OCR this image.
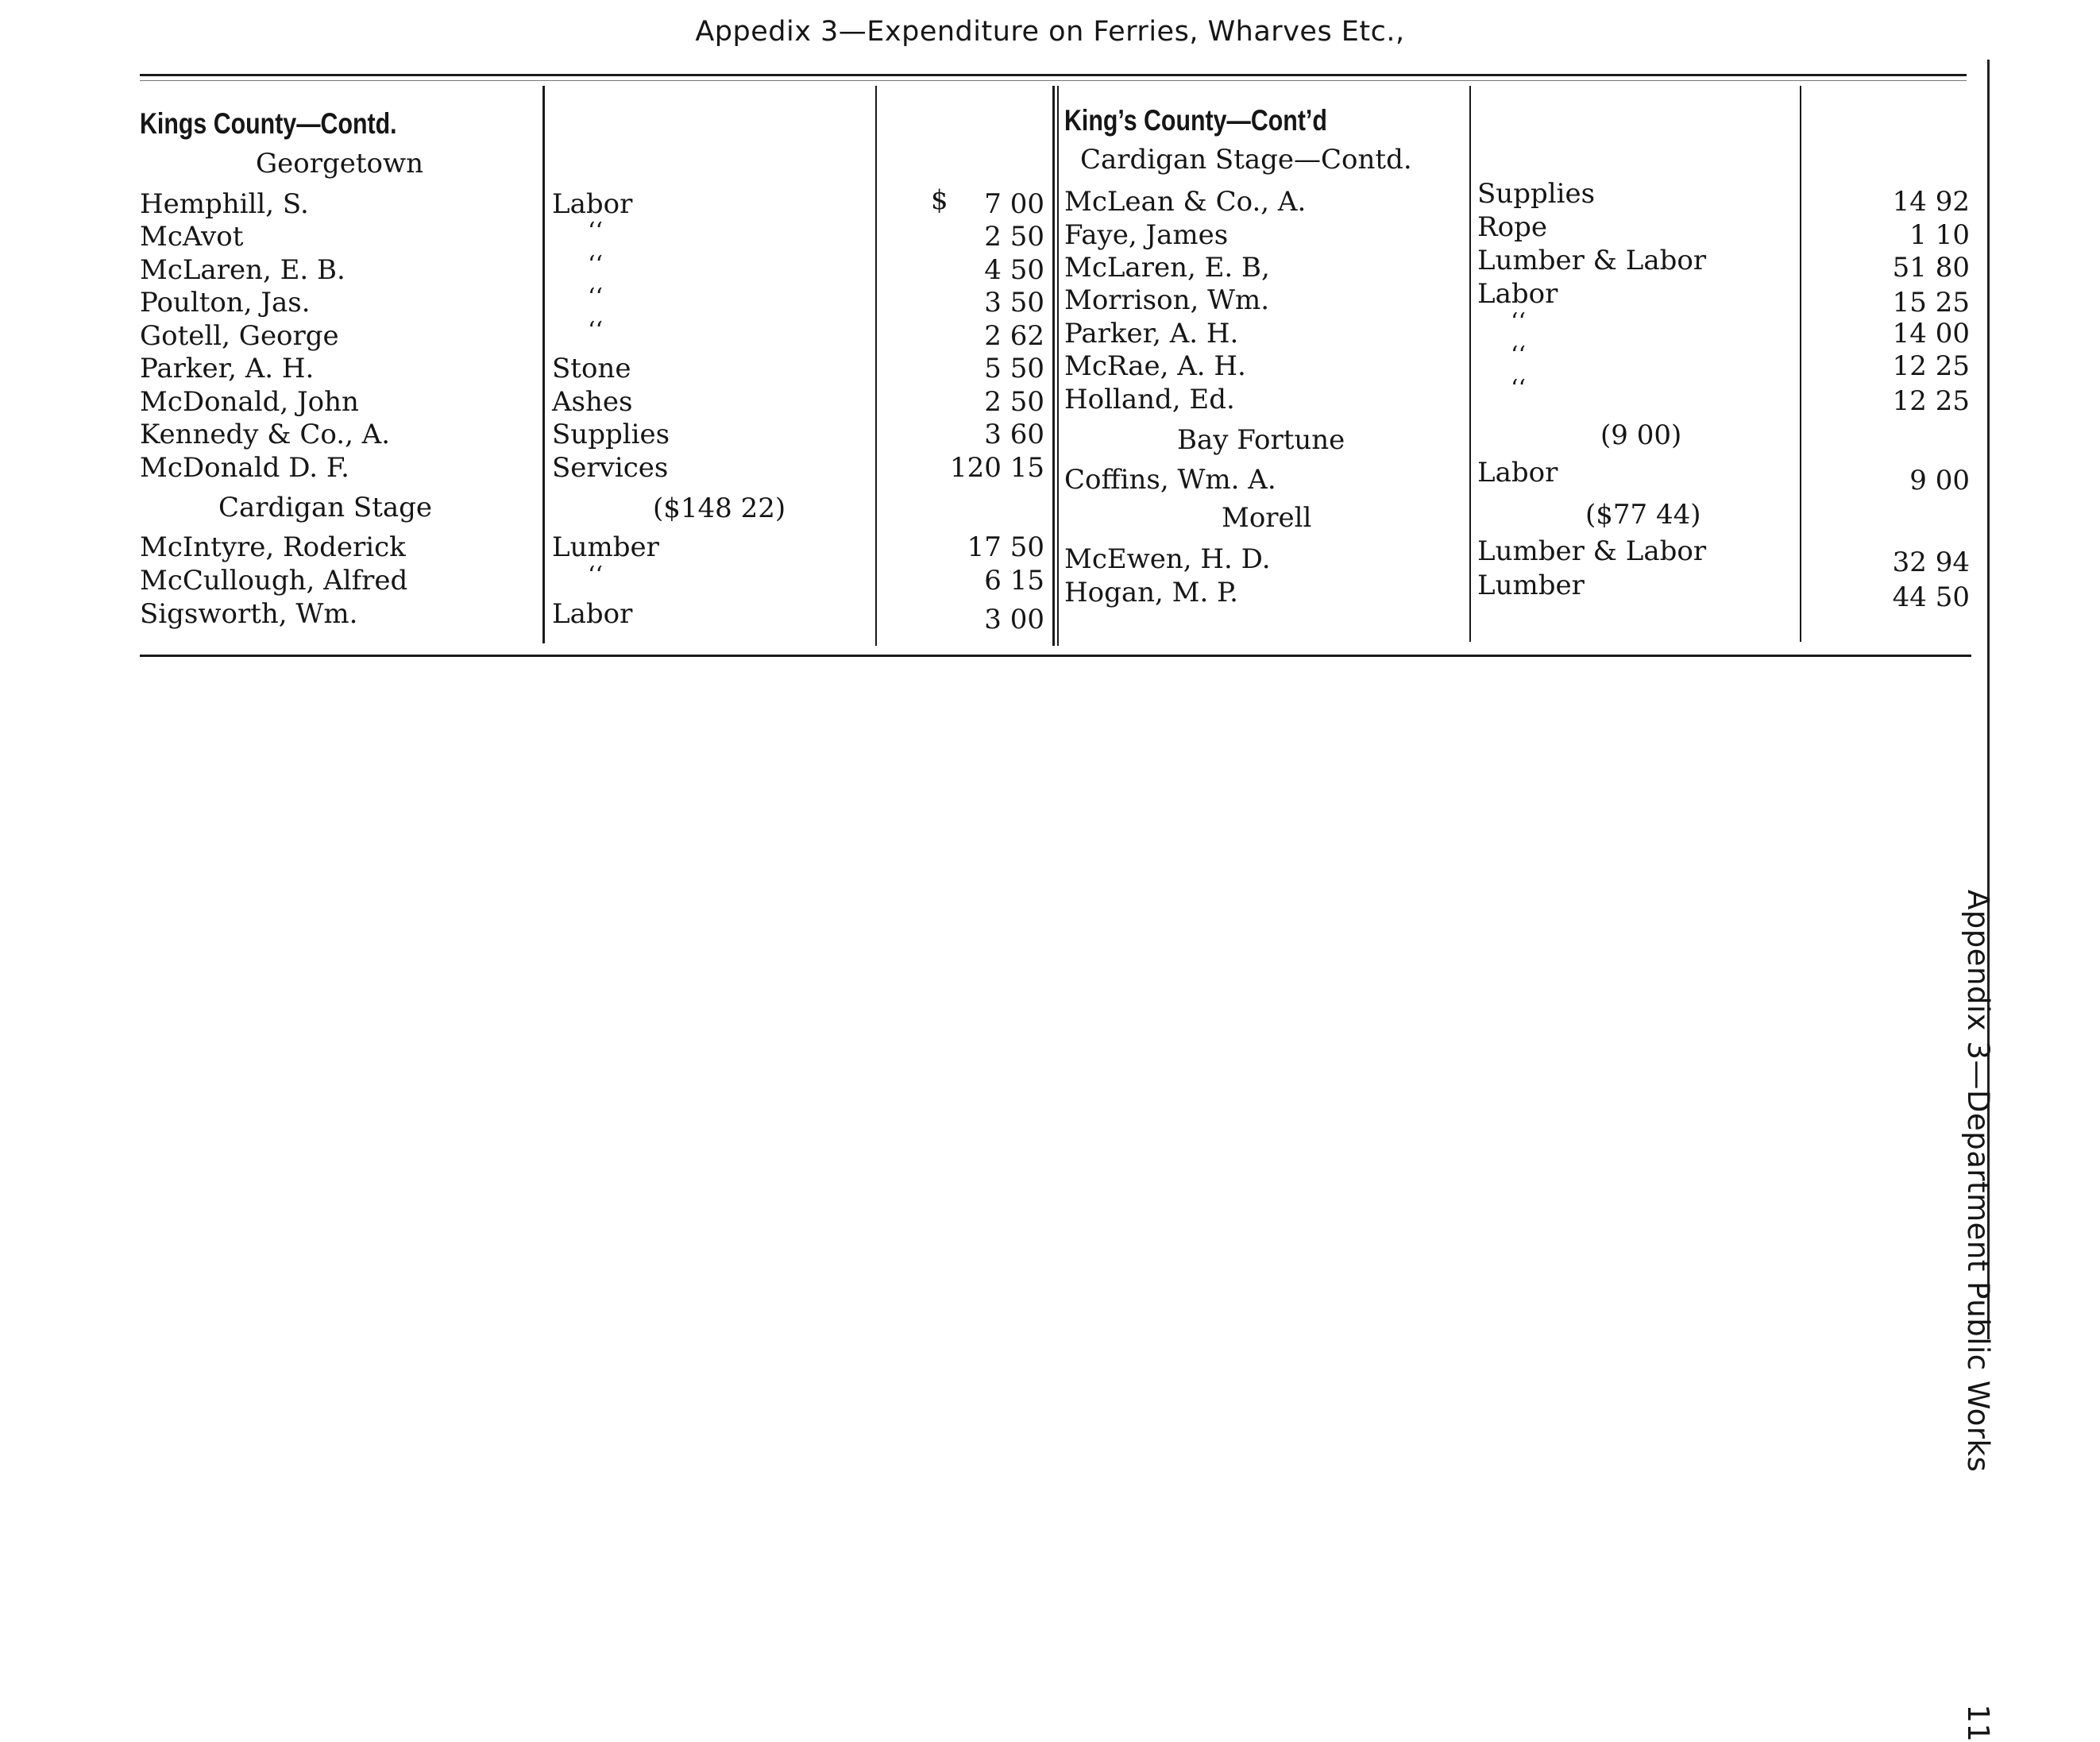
Appedix 3—Expenditure on Ferries, Wharves Etc.,
Appendix 3—Department Public Works11
Kings County—Contd.
Georgetown
$
Hemphill, S.	Labor	7 00
McAvot	‘‘	2 50
McLaren, E. B.	‘‘	4 50
Poulton, Jas.	‘‘	3 50
Gotell, George	‘‘	2 62
Parker, A. H.	Stone	5 50
McDonald, John	Ashes	2 50
Kennedy & Co., A.	Supplies	3 60
McDonald D. F.	Services	120 15
Cardigan Stage	($148 22)
McIntyre, Roderick	Lumber	17 50
McCullough, Alfred	‘‘	6 15
Sigsworth, Wm.	Labor	3 00
King’s County—Cont’d
Cardigan Stage—Contd.
McLean & Co., A.	Supplies	14 92
Faye, James	Rope	1 10
McLaren, E. B,	Lumber & Labor	51 80
Morrison, Wm.	Labor	15 25
Parker, A. H.	‘‘	14 00
McRae, A. H.	‘‘	12 25
Holland, Ed.	‘‘	12 25
Bay Fortune	(9 00)
Coffins, Wm. A.	Labor	9 00
Morell	($77 44)
McEwen, H. D.	Lumber & Labor	32 94
Hogan, M. P.	Lumber	44 50
